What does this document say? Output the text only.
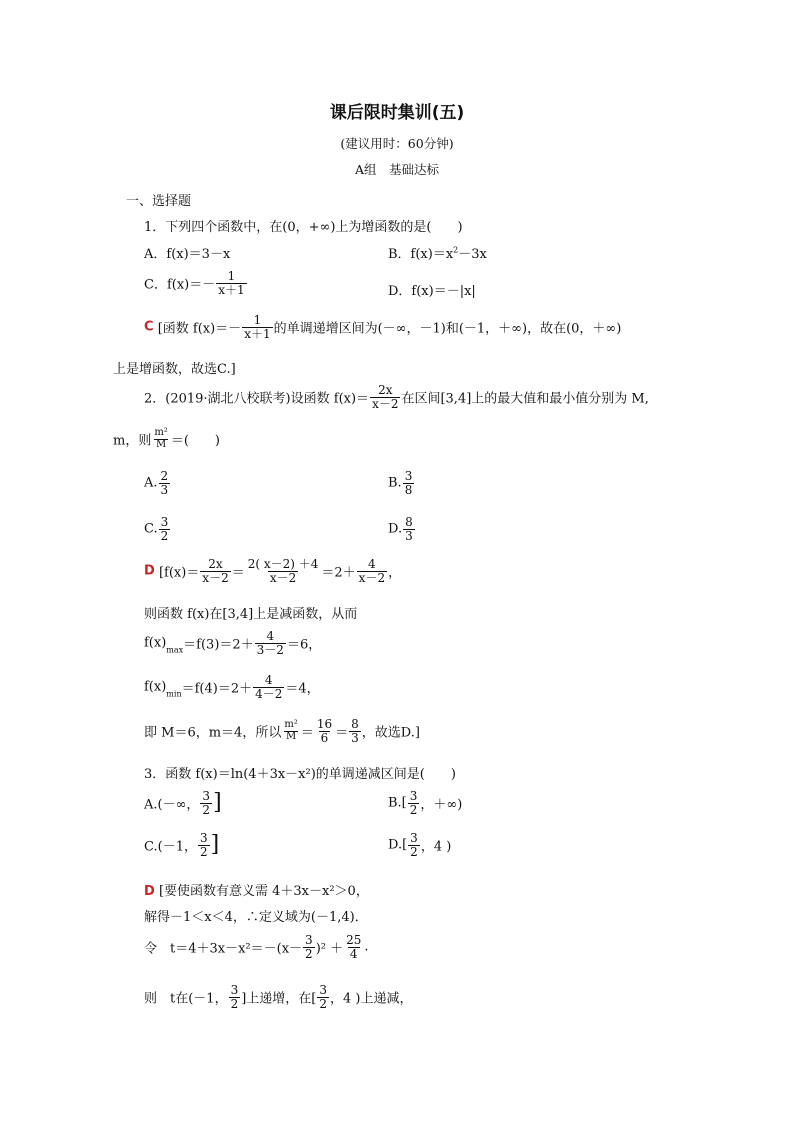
课后限时集训(五)
(建议用时：60分钟)
A组　基础达标
一、选择题
1．下列四个函数中，在(0，+∞)上为增函数的是(　　)
A．f(x)＝3－x	B．$f(x)=x^2-3x$
C．$f(x)=- \frac{1}{x+1}$	D．f(x)＝－|x|
C [函数 $f(x)=- \frac{1}{x+1}$ 的单调递增区间为(－∞，－1)和(－1，＋∞)，故在(0，＋∞)
上是增函数，故选C.]
2．(2019·湖北八校联考)设函数 $f(x)= \frac{2x}{x-2}$ 在区间[3,4]上的最大值和最小值分别为 M,
m，则 $\frac{\text{m²}}{M}$ ＝(　　)
A. $\frac{2}{3}$	B. $\frac{3}{8}$
C. $\frac{3}{2}$	D. $\frac{8}{3}$
D [$f(x)= \frac{2x}{x-2} = \frac{2( x-2) +4}{x-2} =2+ \frac{4}{x-2}$ ，
则函数 f(x)在[3,4]上是减函数，从而
$f(x)_{max}=f(3)=2+ \frac{4}{3-2} =6$，
$f(x)_{min}=f(4)=2+ \frac{4}{4-2} =4$，
即 M＝6，m＝4，所以 $\frac{\text{m²}}{M} = \frac{16}{6} = \frac{8}{3}$ ，故选D.]
3．函数 f(x)＝ln(4＋3x－x²)的单调递减区间是(　　)
A.(－∞， $\frac{3}{2}$ ]	$B.[ \frac{3}{2}$ ，＋∞)
C.(－1， $\frac{3}{2}$ ]	$D.[ \frac{3}{2}$ ，4 )
D [要使函数有意义需 4＋3x－x²＞0，
解得－1＜x＜4，∴定义域为(－1,4)．
令　$t=4+3x-x^2=-(x- \frac{3}{2} )^2 + \frac{25}{4}$ .
则　t在(－1， $\frac{3}{2}$ ]上递增，在[ $\frac{3}{2}$ ，4 )上递减，
